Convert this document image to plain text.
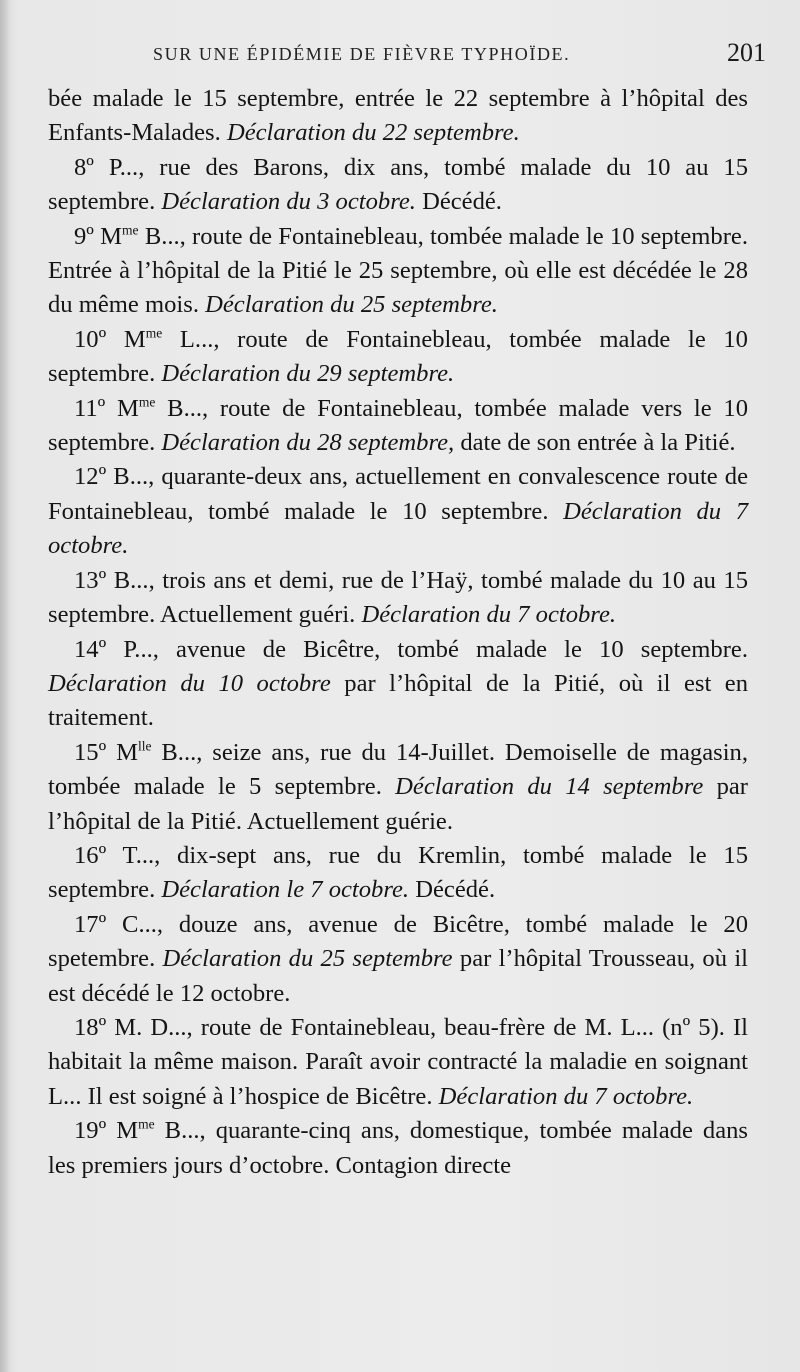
SUR UNE ÉPIDÉMIE DE FIÈVRE TYPHOÏDE.	201

bée malade le 15 septembre, entrée le 22 septembre à l’hôpital des Enfants-Malades. Déclaration du 22 septembre.

8º P..., rue des Barons, dix ans, tombé malade du 10 au 15 septembre. Déclaration du 3 octobre. Décédé.

9º $M^{me}$ B..., route de Fontainebleau, tombée malade le 10 septembre. Entrée à l’hôpital de la Pitié le 25 septembre, où elle est décédée le 28 du même mois. Déclaration du 25 septembre.

10º $M^{me}$ L..., route de Fontainebleau, tombée malade le 10 septembre. Déclaration du 29 septembre.

11º $M^{me}$ B..., route de Fontainebleau, tombée malade vers le 10 septembre. Déclaration du 28 septembre, date de son entrée à la Pitié.

12º B..., quarante-deux ans, actuellement en convalescence route de Fontainebleau, tombé malade le 10 septembre. Déclaration du 7 octobre.

13º B..., trois ans et demi, rue de l’Haÿ, tombé malade du 10 au 15 septembre. Actuellement guéri. Déclaration du 7 octobre.

14º P..., avenue de Bicêtre, tombé malade le 10 septembre. Déclaration du 10 octobre par l’hôpital de la Pitié, où il est en traitement.

15º $M^{lle}$ B..., seize ans, rue du 14-Juillet. Demoiselle de magasin, tombée malade le 5 septembre. Déclaration du 14 septembre par l’hôpital de la Pitié. Actuellement guérie.

16º T..., dix-sept ans, rue du Kremlin, tombé malade le 15 septembre. Déclaration le 7 octobre. Décédé.

17º C..., douze ans, avenue de Bicêtre, tombé malade le 20 spetembre. Déclaration du 25 septembre par l’hôpital Trousseau, où il est décédé le 12 octobre.

18º M. D..., route de Fontainebleau, beau-frère de M. L... (nº 5). Il habitait la même maison. Paraît avoir contracté la maladie en soignant L... Il est soigné à l’hospice de Bicêtre. Déclaration du 7 octobre.

19º $M^{me}$ B..., quarante-cinq ans, domestique, tombée malade dans les premiers jours d’octobre. Contagion directe
